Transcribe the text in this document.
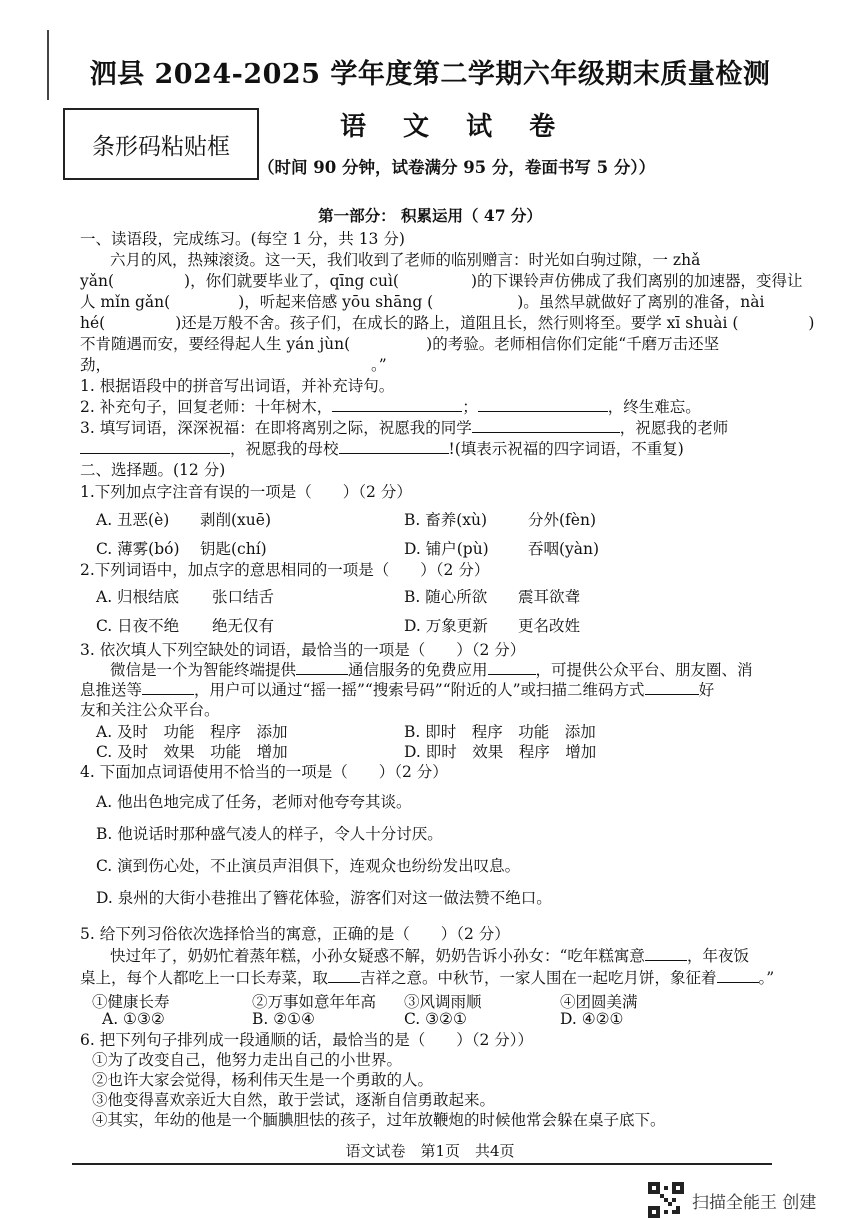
泗县 2024-2025 学年度第二学期六年级期末质量检测
条形码粘贴框
语 文 试 卷
（时间 90 分钟，试卷满分 95 分，卷面书写 5 分））
第一部分： 积累运用（ 47 分）
一、读语段，完成练习。(每空 1 分，共 13 分)
六月的风，热辣滚烫。这一天，我们收到了老师的临别赠言：时光如白驹过隙，一 zhǎ
yǎn(	)，你们就要毕业了，qīng cuì(	)的下课铃声仿佛成了我们离别的加速器，变得让
人 mǐn gǎn(	)，听起来倍感 yōu shāng (	)。虽然早就做好了离别的准备，nài
hé(	)还是万般不舍。孩子们，在成长的路上，道阻且长，然行则将至。要学 xī shuài (	)
不肯随遇而安，要经得起人生 yán jùn(	)的考验。老师相信你们定能“千磨万击还坚
劲，	。”
1. 根据语段中的拼音写出词语，并补充诗句。
2. 补充句子，回复老师：十年树木，	；	，终生难忘。
3. 填写词语，深深祝福：在即将离别之际，祝愿我的同学	，祝愿我的老师
，祝愿我的母校	!(填表示祝福的四字词语，不重复)
二、选择题。(12 分)
1.下列加点字注音有误的一项是（　　）（2 分）
A. 丑恶(è) 剥削(xuē)	B. 畜养(xù)	分外(fèn)
C. 薄雾(bó) 钥匙(chí)	D. 铺户(pù)	吞咽(yàn)
2.下列词语中，加点字的意思相同的一项是（　　）（2 分）
A. 归根结底 张口结舌	B. 随心所欲 震耳欲聋
C. 日夜不绝 绝无仅有	D. 万象更新 更名改姓
3. 依次填人下列空缺处的词语，最恰当的一项是（　　）（2 分）
微信是一个为智能终端提供	通信服务的免费应用	，可提供公众平台、朋友圈、消
息推送等	，用户可以通过“摇一摇”“搜索号码”“附近的人”或扫描二维码方式	好
友和关注公众平台。
A. 及时　功能　程序　添加	B. 即时　程序　功能　添加
C. 及时　效果　功能　增加	D. 即时　效果　程序　增加
4. 下面加点词语使用不恰当的一项是（　　）（2 分）
A. 他出色地完成了任务，老师对他夸夸其谈。
B. 他说话时那种盛气凌人的样子，令人十分讨厌。
C. 演到伤心处，不止演员声泪俱下，连观众也纷纷发出叹息。
D. 泉州的大街小巷推出了簪花体验，游客们对这一做法赞不绝口。
5. 给下列习俗依次选择恰当的寓意，正确的是（　　）（2 分）
快过年了，奶奶忙着蒸年糕，小孙女疑惑不解，奶奶告诉小孙女：“吃年糕寓意	，年夜饭
桌上，每个人都吃上一口长寿菜，取 吉祥之意。中秋节，一家人围在一起吃月饼，象征着	。”
①健康长寿	②万事如意年年高 ③风调雨顺	④团圆美满
A. ①③②	B. ②①④	C. ③②①	D. ④②①
6. 把下列句子排列成一段通顺的话，最恰当的是（　　）（2 分））
①为了改变自己，他努力走出自己的小世界。
②也许大家会觉得，杨利伟天生是一个勇敢的人。
③他变得喜欢亲近大自然，敢于尝试，逐渐自信勇敢起来。
④其实，年幼的他是一个腼腆胆怯的孩子，过年放鞭炮的时候他常会躲在桌子底下。
语文试卷　第1页　共4页
扫描全能王 创建
